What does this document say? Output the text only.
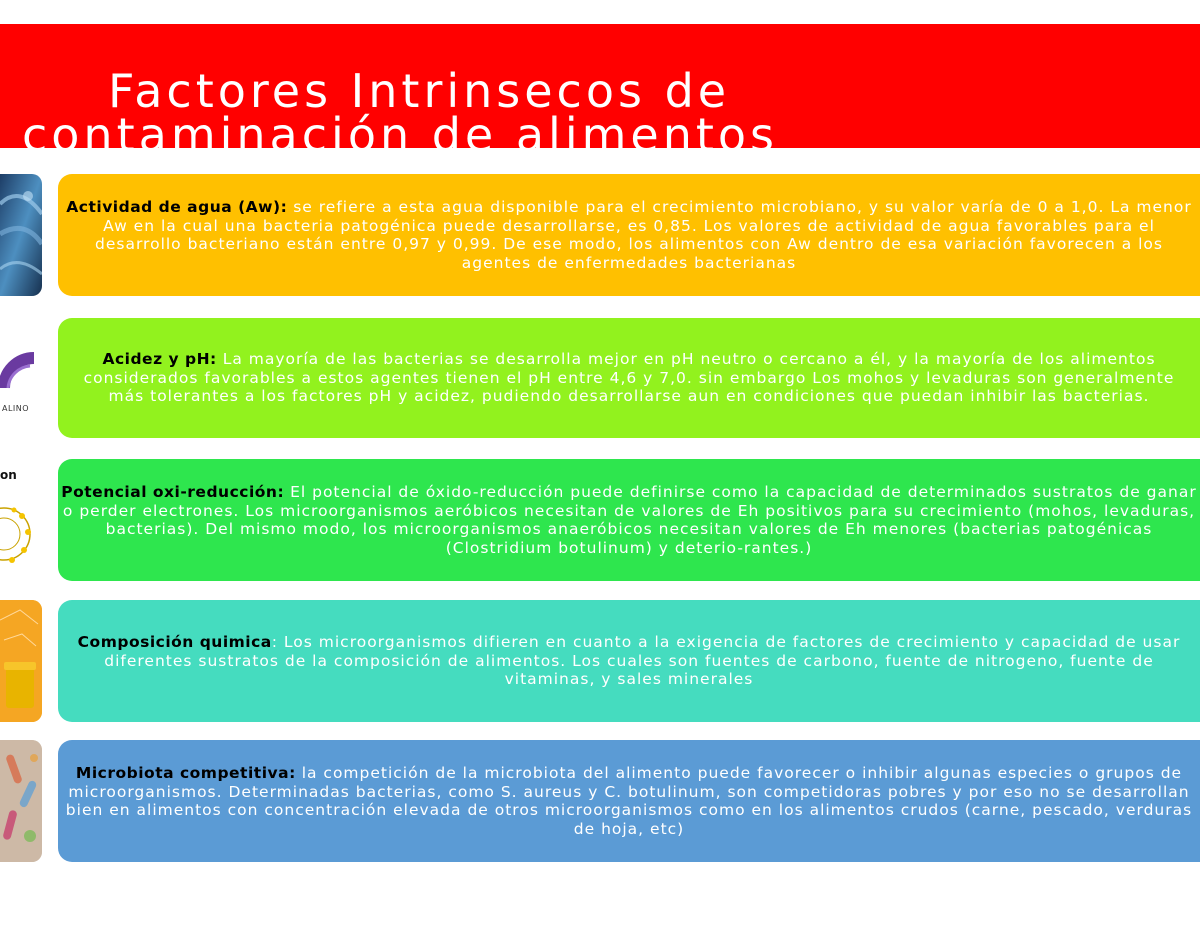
Factores Intrinsecos de
contaminación de alimentos
ALINO
on
Actividad de agua (Aw): se refiere a esta agua disponible para el crecimiento microbiano, y su valor varía de 0 a 1,0. La menor Aw en la cual una bacteria patogénica puede desarrollarse, es 0,85. Los valores de actividad de agua favorables para el desarrollo bacteriano están entre 0,97 y 0,99. De ese modo, los alimentos con Aw dentro de esa variación favorecen a los agentes de enfermedades bacterianas
Acidez y pH: La mayoría de las bacterias se desarrolla mejor en pH neutro o cercano a él, y la mayoría de los alimentos considerados favorables a estos agentes tienen el pH entre 4,6 y 7,0. sin embargo Los mohos y levaduras son generalmente más tolerantes a los factores pH y acidez, pudiendo desarrollarse aun en condiciones que puedan inhibir las bacterias.
Potencial oxi-reducción: El potencial de óxido-reducción puede definirse como la capacidad de determinados sustratos de ganar o perder electrones. Los microorganismos aeróbicos necesitan de valores de Eh positivos para su crecimiento (mohos, levaduras, bacterias). Del mismo modo, los microorganismos anaeróbicos necesitan valores de Eh menores (bacterias patogénicas (Clostridium botulinum) y deterio-rantes.)
Composición quimica: Los microorganismos difieren en cuanto a la exigencia de factores de crecimiento y capacidad de usar diferentes sustratos de la composición de alimentos. Los cuales son fuentes de carbono, fuente de nitrogeno, fuente de vitaminas, y sales minerales
Microbiota competitiva: la competición de la microbiota del alimento puede favorecer o inhibir algunas especies o grupos de microorganismos. Determinadas bacterias, como S. aureus y C. botulinum, son competidoras pobres y por eso no se desarrollan bien en alimentos con concentración elevada de otros microorganismos como en los alimentos crudos (carne, pescado, verduras de hoja, etc)
